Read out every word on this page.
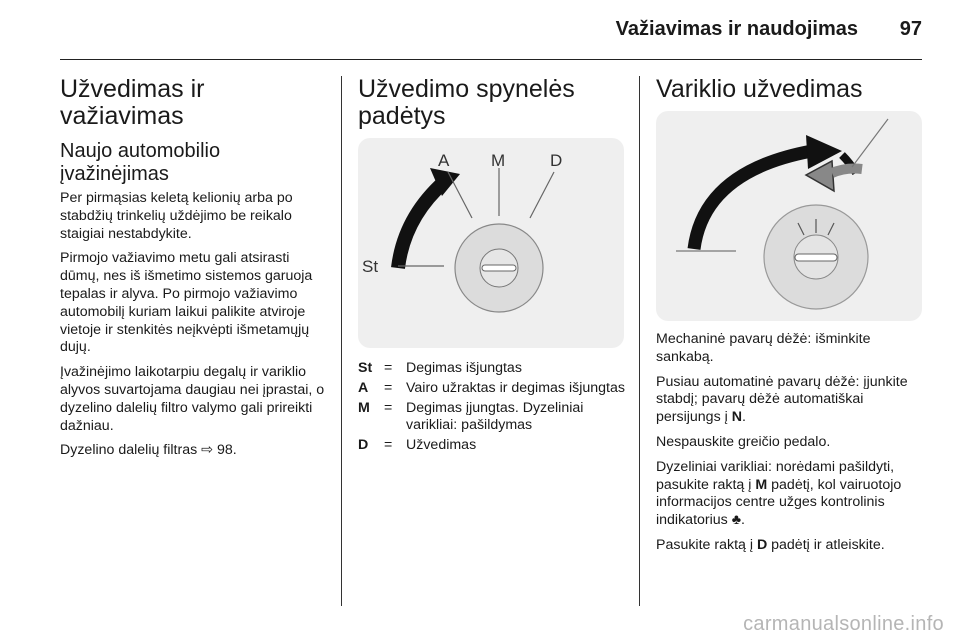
Važiavimas ir naudojimas 97
Užvedimas ir važiavimas
Naujo automobilio įvažinėjimas

Per pirmąsias keletą kelionių arba po stabdžių trinkelių uždėjimo be reikalo staigiai nestabdykite.

Pirmojo važiavimo metu gali atsirasti dūmų, nes iš išmetimo sistemos garuoja tepalas ir alyva. Po pirmojo važiavimo automobilį kuriam laikui palikite atviroje vietoje ir stenkitės neįkvėpti išmetamųjų dujų.

Įvažinėjimo laikotarpiu degalų ir variklio alyvos suvartojama daugiau nei įprastai, o dyzelino dalelių filtro valymo gali prireikti dažniau.

Dyzelino dalelių filtras ⇨ 98.

Užvedimo spynelės padėtys
St
A M	D
St = Degimas išjungtas
A	= Vairo užraktas ir degimas išjungtas
M = Degimas įjungtas. Dyzeliniai varikliai: pašildymas
D	= Užvedimas
Variklio užvedimas

Mechaninė pavarų dėžė: išminkite sankabą.

Pusiau automatinė pavarų dėžė: įjunkite stabdį; pavarų dėžė automatiškai persijungs į N.

Nespauskite greičio pedalo.

Dyzeliniai varikliai: norėdami pašildyti, pasukite raktą į M padėtį, kol vairuotojo informacijos centre užges kontrolinis indikatorius ♣.

Pasukite raktą į D padėtį ir atleiskite.

carmanualsonline.info
